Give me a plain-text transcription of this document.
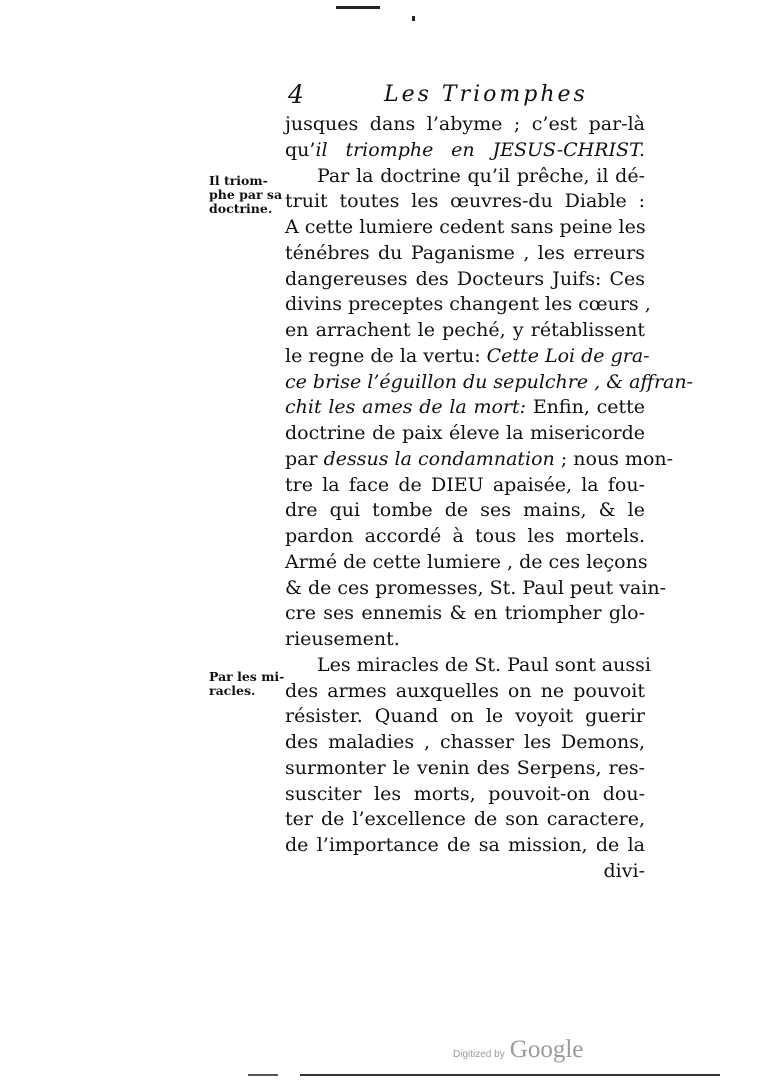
4	Les Triomphes
Il triom-
phe par sa
doctrine.
Par les mi-
racles.
jusques dans l’abyme ; c’est par-là
qu’il triomphe en JESUS-CHRIST.
Par la doctrine qu’il prêche, il dé-
truit toutes les œuvres-du Diable :
A cette lumiere cedent sans peine les
ténébres du Paganisme , les erreurs
dangereuses des Docteurs Juifs: Ces
divins preceptes changent les cœurs ,
en arrachent le peché, y rétablissent
le regne de la vertu: Cette Loi de gra-
ce brise l’éguillon du sepulchre , & affran-
chit les ames de la mort: Enfin, cette
doctrine de paix éleve la misericorde
par dessus la condamnation ; nous mon-
tre la face de DIEU apaisée, la fou-
dre qui tombe de ses mains, & le
pardon accordé à tous les mortels.
Armé de cette lumiere , de ces leçons
& de ces promesses, St. Paul peut vain-
cre ses ennemis & en triompher glo-
rieusement.
Les miracles de St. Paul sont aussi
des armes auxquelles on ne pouvoit
résister. Quand on le voyoit guerir
des maladies , chasser les Demons,
surmonter le venin des Serpens, res-
susciter les morts, pouvoit-on dou-
ter de l’excellence de son caractere,
de l’importance de sa mission, de la
divi-
Digitized by Google
